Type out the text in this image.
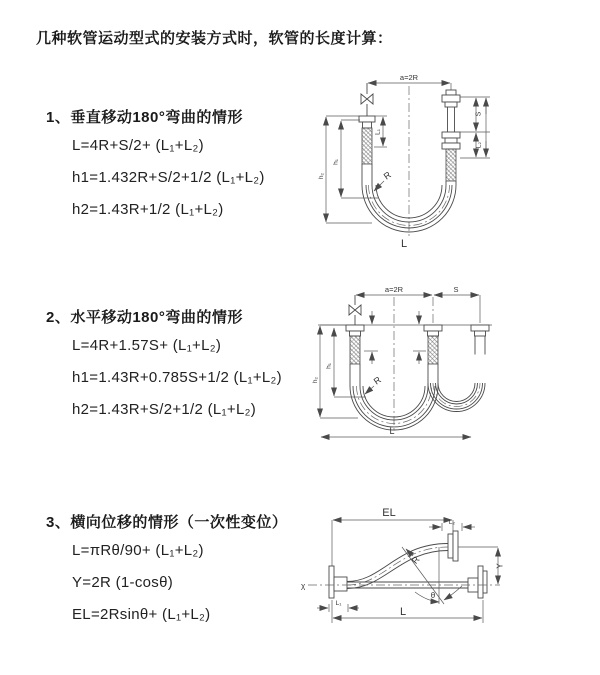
几种软管运动型式的安装方式时，软管的长度计算：
1、垂直移动180°弯曲的情形
L=4R+S/2+ (L₁+L₂)
h1=1.432R+S/2+1/2 (L₁+L₂)
h2=1.43R+1/2 (L₁+L₂)
2、水平移动180°弯曲的情形
L=4R+1.57S+ (L₁+L₂)
h1=1.43R+0.785S+1/2 (L₁+L₂)
h2=1.43R+S/2+1/2 (L₁+L₂)
3、横向位移的情形（一次性变位）
L=πRθ/90+ (L₁+L₂)
Y=2R (1-cosθ)
EL=2Rsinθ+ (L₁+L₂)
a=2R
L₁
S
L₂
h₂
h₁
R
L
a=2R	S
h₂
h₁
R
L
EL
L₂
χ
Y
θ
R
L₁
L
